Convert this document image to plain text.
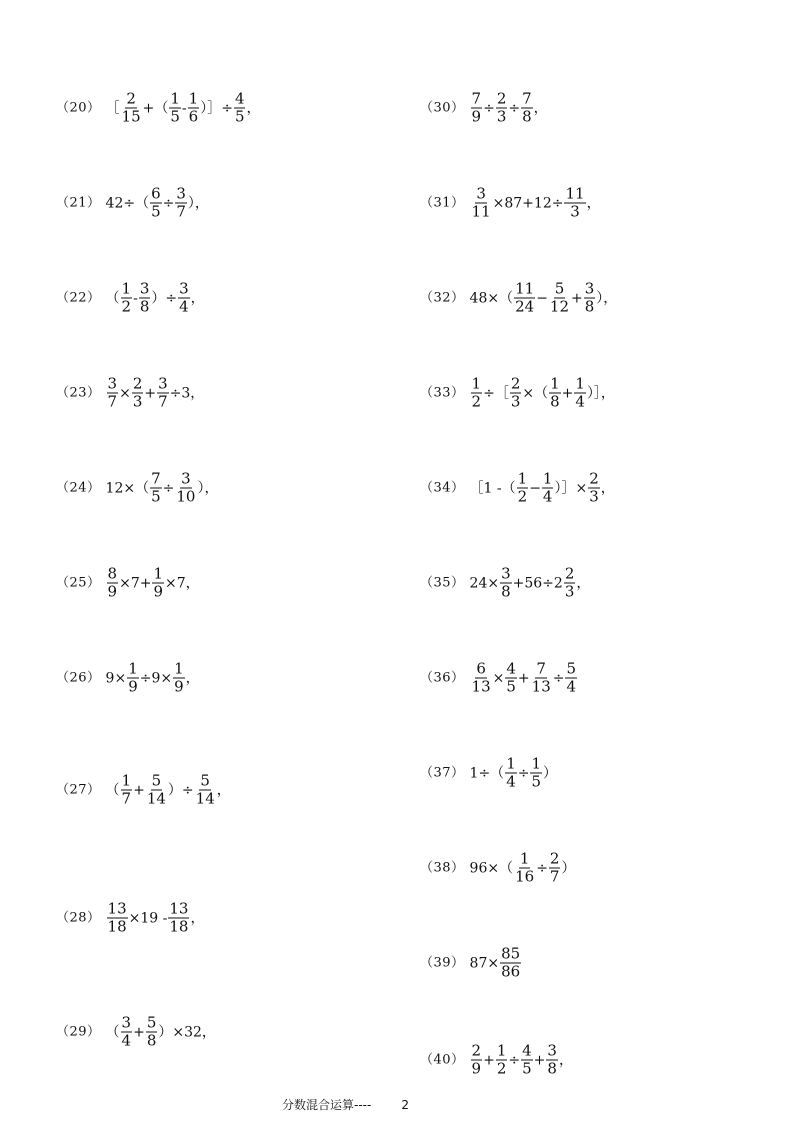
（20） ［ $\frac{2}{15}$ +（ $\frac{1}{5} - \frac{1}{6}$ ）］÷ $\frac{4}{5}$ ，
（21） $42\div( \frac{6}{5} \div \frac{3}{7}$ ），
（22） （ $\frac{1}{2} - \frac{3}{8}$ ）÷ $\frac{3}{4}$ ，
$(23) \frac{3}{7} \times \frac{2}{3} + \frac{3}{7} \div 3$，
（24） $12\times( \frac{7}{5} \div \frac{3}{10}$ ），
$(25) \frac{8}{9} \times 7+ \frac{1}{9} \times 7$，
（26） $9\times \frac{1}{9} \div 9\times \frac{1}{9}$ ，
（27） （ $\frac{1}{7} + \frac{5}{14}$ ）÷ $\frac{5}{14}$ ，
$(28) \frac{13}{18} \times 19 - \frac{13}{18}$ ，
（29） （ $\frac{3}{4} + \frac{5}{8} )\times 32$，
$(30) \frac{7}{9} \div \frac{2}{3} \div \frac{7}{8}$ ，
$(31) \frac{3}{11} \times 87+12\div \frac{11}{3}$ ，
（32） $48\times( \frac{11}{24} - \frac{5}{12} + \frac{3}{8}$ ），
$(33) \frac{1}{2}$ ÷［ $\frac{2}{3}$ ×（ $\frac{1}{8} + \frac{1}{4}$ ）］，
（34） ［1 -（ $\frac{1}{2} - \frac{1}{4}$ ）］× $\frac{2}{3}$ ，
（35） $24\times \frac{3}{8} +56\div 2 \frac{2}{3}$ ，
$(36) \frac{6}{13} \times \frac{4}{5} + \frac{7}{13} \div \frac{5}{4}$
（37） $1\div( \frac{1}{4} \div \frac{1}{5}$ ）
（38） $96\times( \frac{1}{16} \div \frac{2}{7}$ ）
（39） $87\times \frac{85}{86}$
$(40) \frac{2}{9} + \frac{1}{2} \div \frac{4}{5} + \frac{3}{8}$ ，
分数混合运算----	2
